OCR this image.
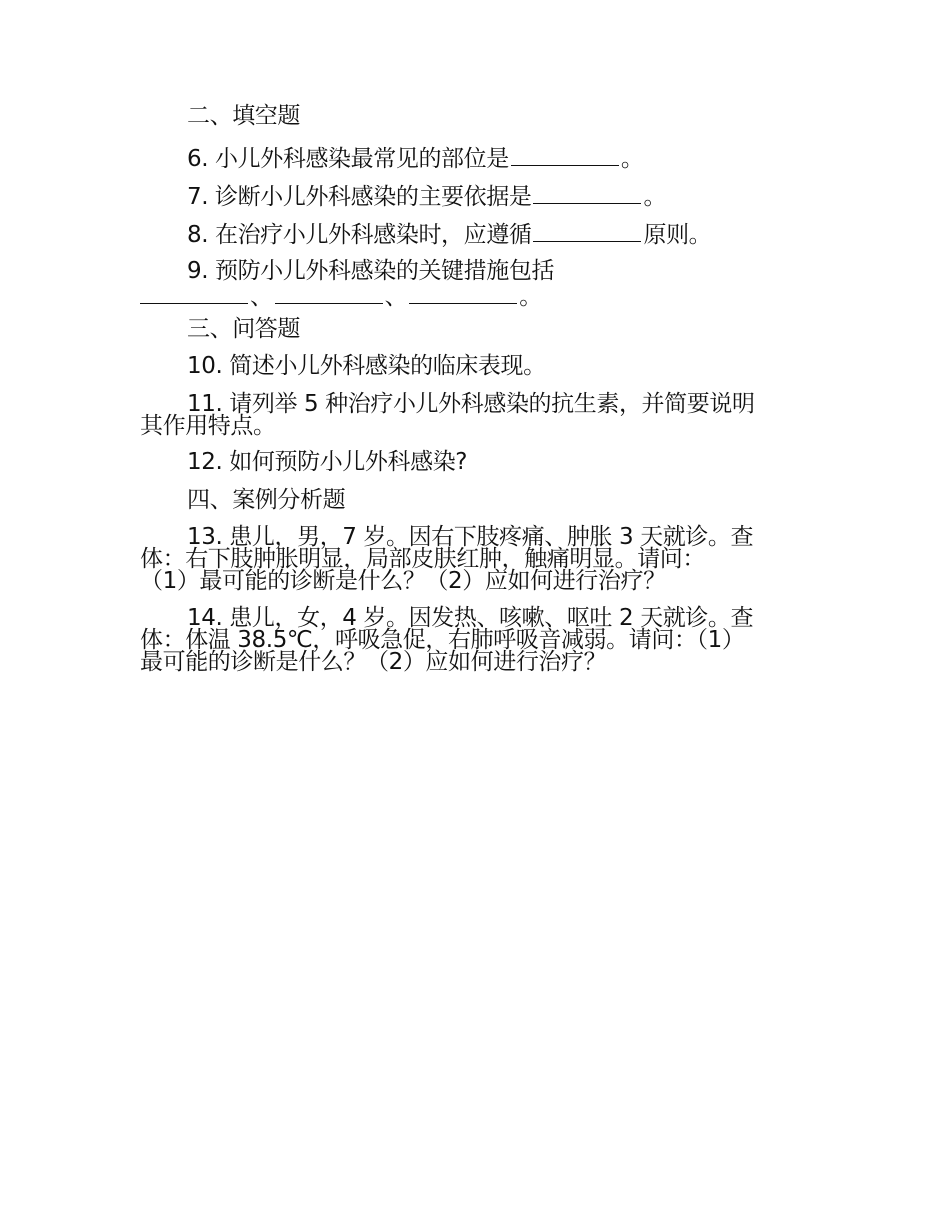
二、填空题
6. 小儿外科感染最常见的部位是	。
7. 诊断小儿外科感染的主要依据是	。
8. 在治疗小儿外科感染时，应遵循	原则。
9. 预防小儿外科感染的关键措施包括
、	、	。
三、问答题
10. 简述小儿外科感染的临床表现。
11. 请列举 5 种治疗小儿外科感染的抗生素，并简要说明
其作用特点。
12. 如何预防小儿外科感染?
四、案例分析题
13. 患儿，男，7 岁。因右下肢疼痛、肿胀 3 天就诊。查
体：右下肢肿胀明显，局部皮肤红肿，触痛明显。请问：
（1）最可能的诊断是什么？（2）应如何进行治疗？
14. 患儿，女，4 岁。因发热、咳嗽、呕吐 2 天就诊。查
体：体温 38.5℃，呼吸急促，右肺呼吸音减弱。请问：（1）
最可能的诊断是什么？（2）应如何进行治疗？
